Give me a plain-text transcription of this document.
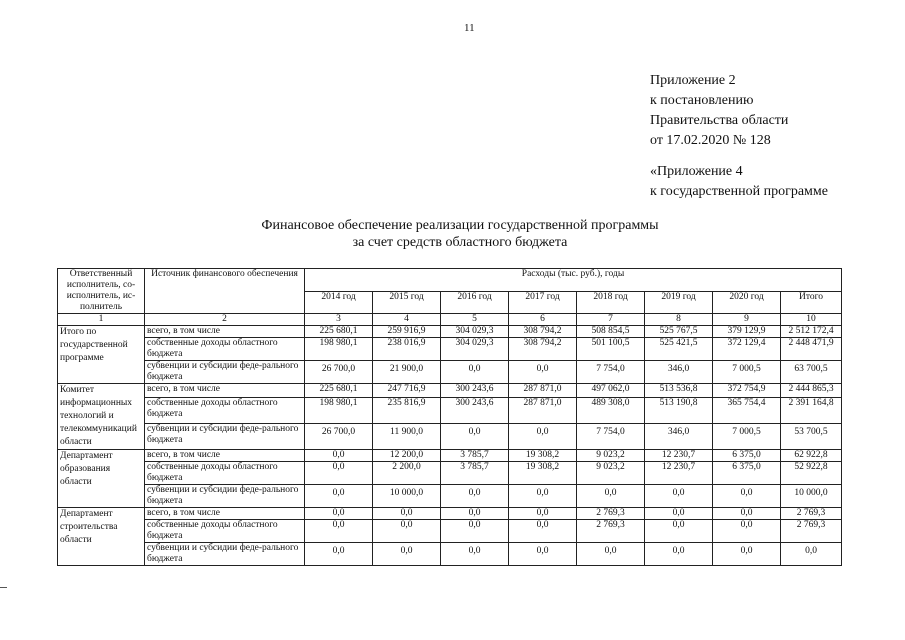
11
Приложение 2
к постановлению
Правительства области
от 17.02.2020 № 128
«Приложение 4
к государственной программе
Финансовое обеспечение реализации государственной программы
за счет средств областного бюджета
Ответственный исполнитель, со-исполнитель, ис-полнитель	Источник финансового обеспечения	Расходы (тыс. руб.), годы							
		2014 год	2015 год	2016 год	2017 год	2018 год	2019 год	2020 год	Итого
1	2	3	4	5	6	7	8	9	10
Итого по государственной программе	всего, в том числе	225 680,1	259 916,9	304 029,3	308 794,2	508 854,5	525 767,5	379 129,9	2 512 172,4
	собственные доходы областного бюджета	198 980,1	238 016,9	304 029,3	308 794,2	501 100,5	525 421,5	372 129,4	2 448 471,9
	субвенции и субсидии феде-рального бюджета	26 700,0	21 900,0	0,0	0,0	7 754,0	346,0	7 000,5	63 700,5
Комитет информационных технологий и телекоммуникаций области	всего, в том числе	225 680,1	247 716,9	300 243,6	287 871,0	497 062,0	513 536,8	372 754,9	2 444 865,3
	собственные доходы областного бюджета	198 980,1	235 816,9	300 243,6	287 871,0	489 308,0	513 190,8	365 754,4	2 391 164,8
	субвенции и субсидии феде-рального бюджета	26 700,0	11 900,0	0,0	0,0	7 754,0	346,0	7 000,5	53 700,5
Департамент образования области	всего, в том числе	0,0	12 200,0	3 785,7	19 308,2	9 023,2	12 230,7	6 375,0	62 922,8
	собственные доходы областного бюджета	0,0	2 200,0	3 785,7	19 308,2	9 023,2	12 230,7	6 375,0	52 922,8
	субвенции и субсидии феде-рального бюджета	0,0	10 000,0	0,0	0,0	0,0	0,0	0,0	10 000,0
Департамент строительства области	всего, в том числе	0,0	0,0	0,0	0,0	2 769,3	0,0	0,0	2 769,3
	собственные доходы областного бюджета	0,0	0,0	0,0	0,0	2 769,3	0,0	0,0	2 769,3
	субвенции и субсидии феде-рального бюджета	0,0	0,0	0,0	0,0	0,0	0,0	0,0	0,0
